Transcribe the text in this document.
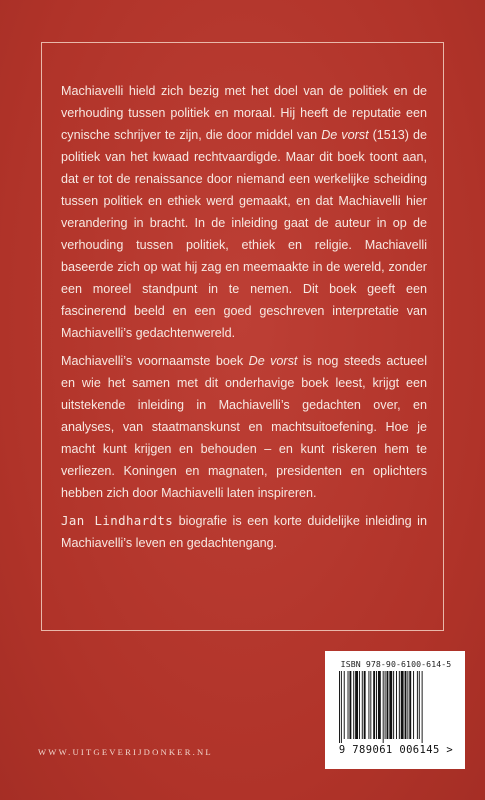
Machiavelli hield zich bezig met het doel van de politiek en de verhouding tussen politiek en moraal. Hij heeft de reputatie een cynische schrijver te zijn, die door middel van De vorst (1513) de politiek van het kwaad rechtvaardigde. Maar dit boek toont aan, dat er tot de renaissance door niemand een werkelijke scheiding tussen politiek en ethiek werd gemaakt, en dat Machiavelli hier verandering in bracht. In de inleiding gaat de auteur in op de verhouding tussen politiek, ethiek en religie. Machiavelli baseerde zich op wat hij zag en meemaakte in de wereld, zonder een moreel standpunt in te nemen. Dit boek geeft een fascinerend beeld en een goed geschreven interpretatie van Machiavelli’s gedachtenwereld.

Machiavelli’s voornaamste boek De vorst is nog steeds actueel en wie het samen met dit onderhavige boek leest, krijgt een uitstekende inleiding in Machiavelli’s gedachten over, en analyses, van staatmanskunst en machtsuitoefening. Hoe je macht kunt krijgen en behouden – en kunt riskeren hem te verliezen. Koningen en magnaten, presidenten en oplichters hebben zich door Machiavelli laten inspireren.

Jan Lindhardts biografie is een korte duidelijke inleiding in Machiavelli’s leven en gedachtengang.

WWW.UITGEVERIJDONKER.NL
ISBN 978-90-6100-614-5
9 789061 006145 >
